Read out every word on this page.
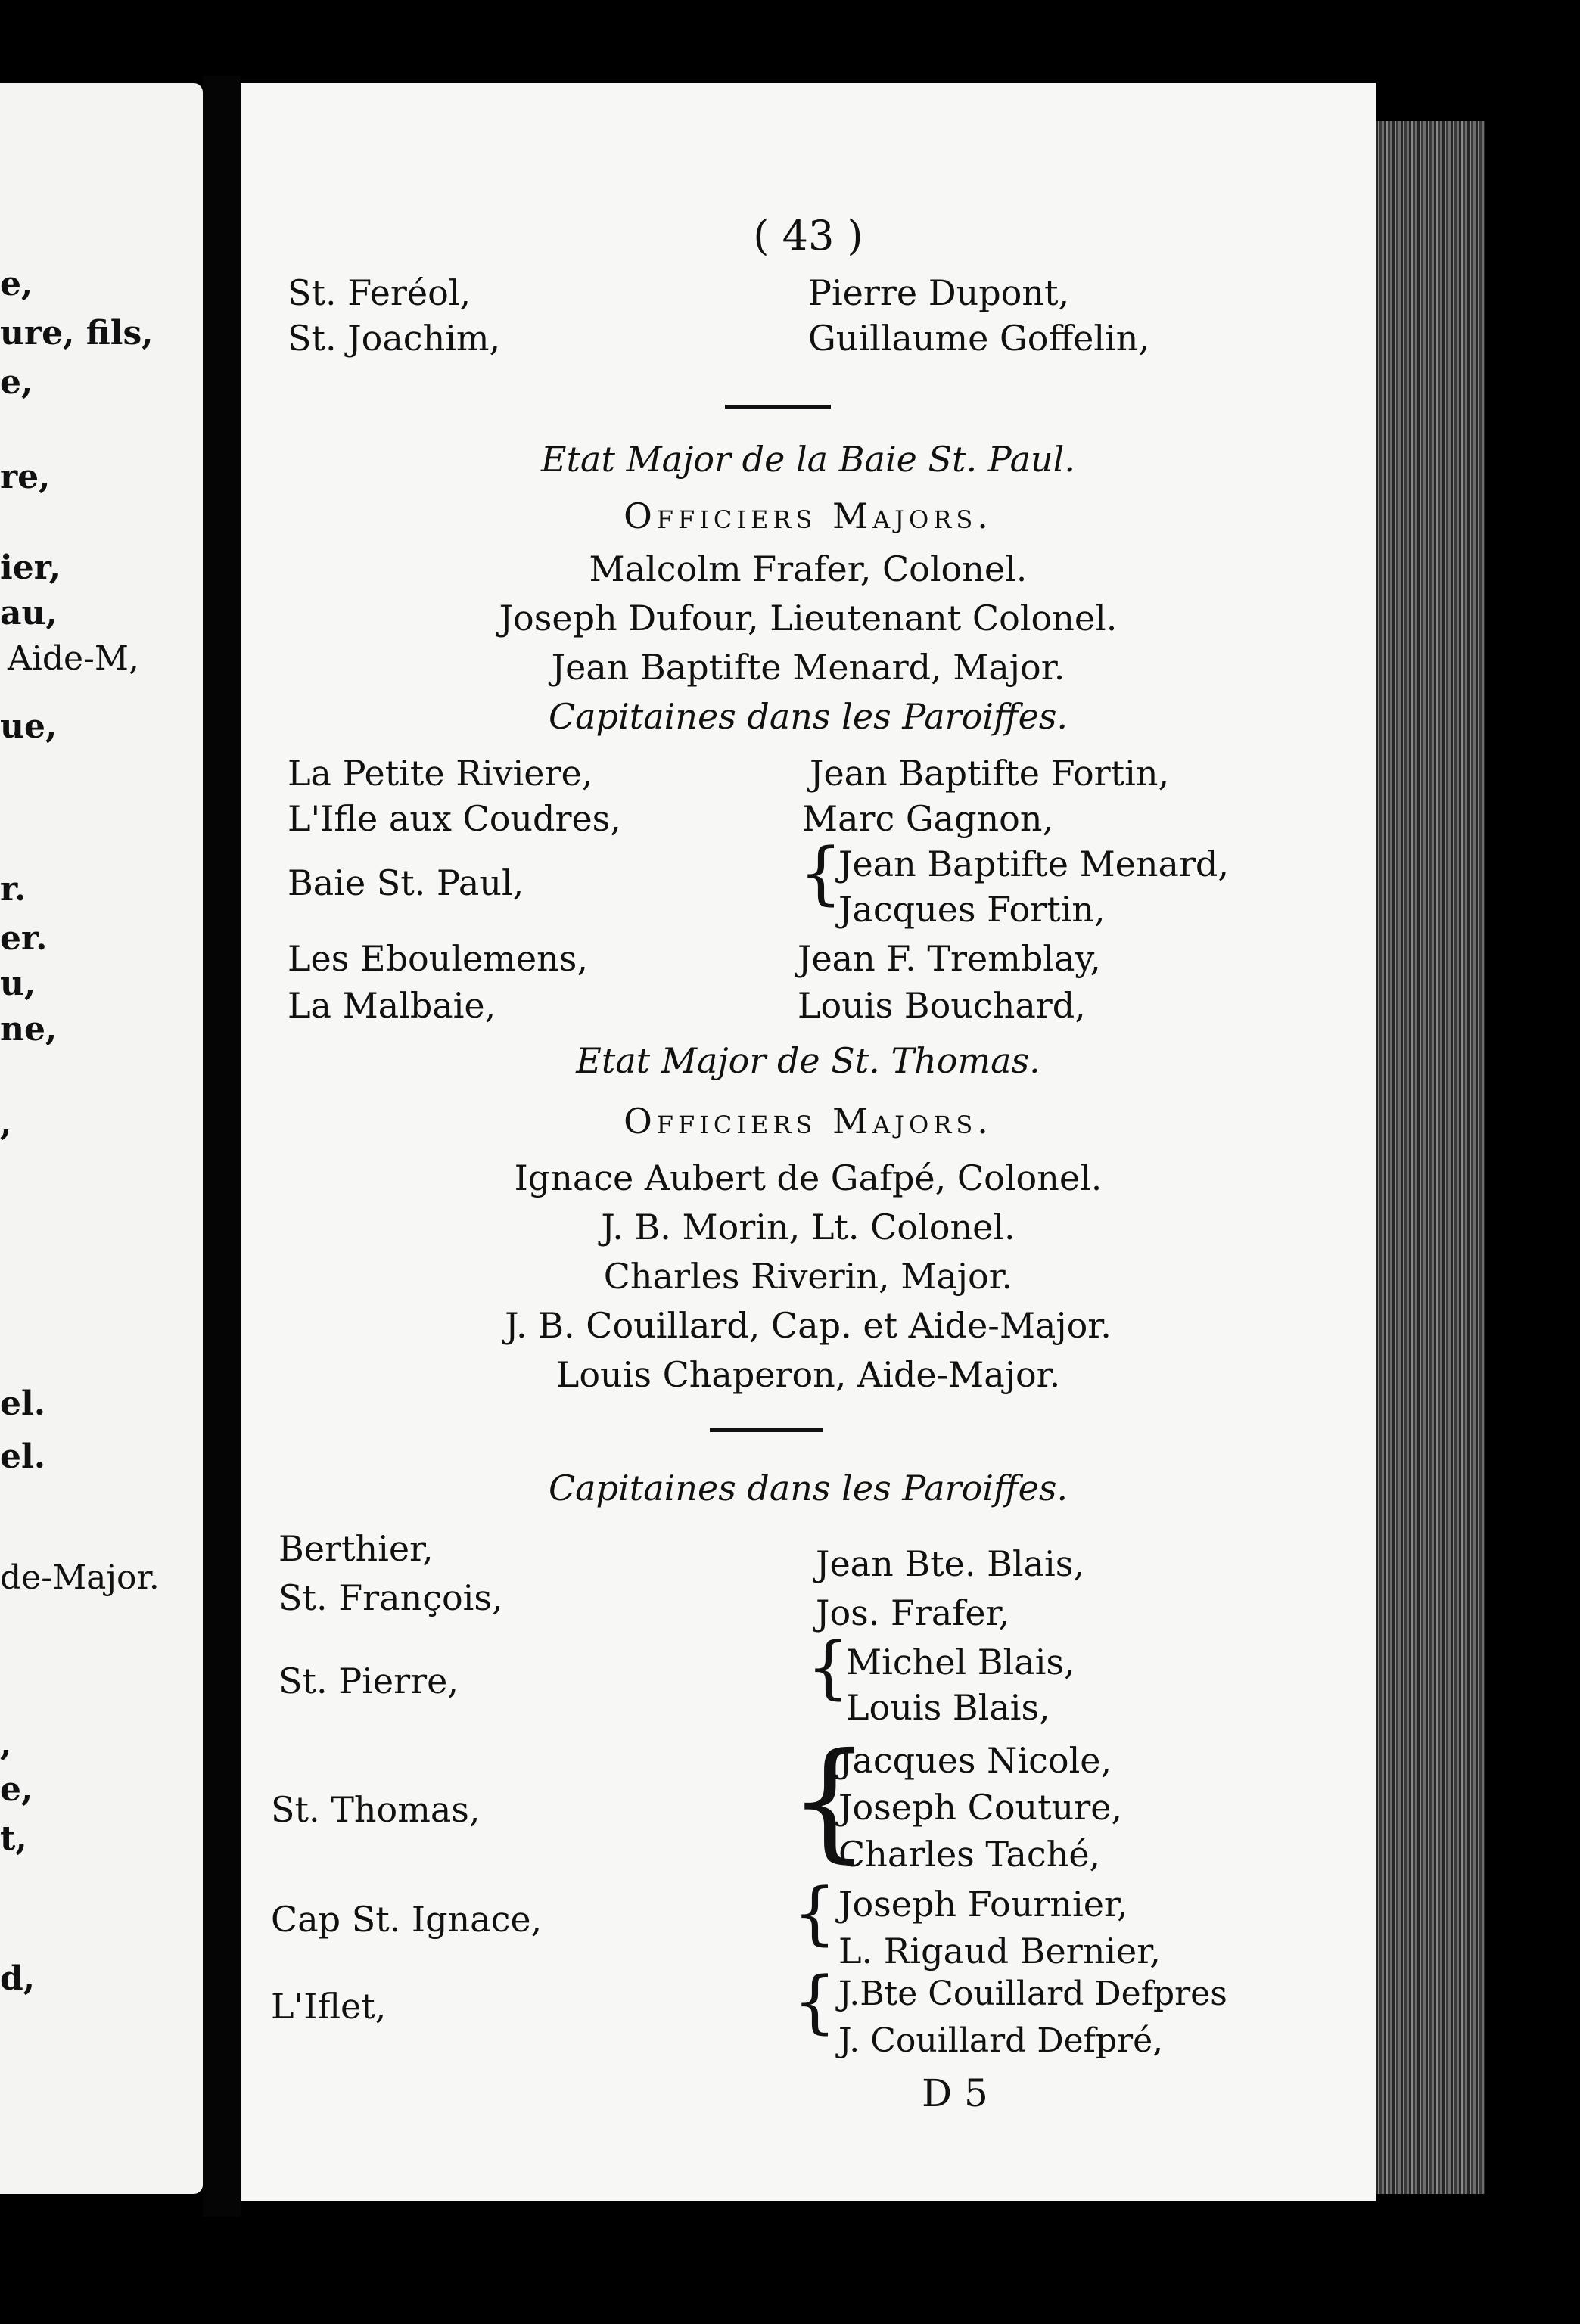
e,
ure, fils,
e,
re,
ier,
au,
Aide-M,
ue,
r.
er.
u,
ne,
,
el.
el.
de-Major.
,
e,
t,
d,
( 43 )
St. Feréol,	Pierre Dupont,
St. Joachim,	Guillaume Goffelin,
Etat Major de la Baie St. Paul.
Officiers Majors.
Malcolm Frafer, Colonel.
Joseph Dufour, Lieutenant Colonel.
Jean Baptifte Menard, Major.
Capitaines dans les Paroiffes.
La Petite Riviere,	Jean Baptifte Fortin,
L'Ifle aux Coudres,	Marc Gagnon,
Baie St. Paul,	{
Jean Baptifte Menard,
Jacques Fortin,
Les Eboulemens,	Jean F. Tremblay,
La Malbaie,	Louis Bouchard,
Etat Major de St. Thomas.
Officiers Majors.
Ignace Aubert de Gafpé, Colonel.
J. B. Morin, Lt. Colonel.
Charles Riverin, Major.
J. B. Couillard, Cap. et Aide-Major.
Louis Chaperon, Aide-Major.
Capitaines dans les Paroiffes.
Berthier,	Jean Bte. Blais,
St. François,	Jos. Frafer,
St. Pierre,	{
Michel Blais,
Louis Blais,
St. Thomas, {
Jacques Nicole,
Joseph Couture,
Charles Taché,
Cap St. Ignace,	{ Joseph Fournier,
L. Rigaud Bernier,
L'Iflet,	{ J.Bte Couillard Defpres
J. Couillard Defpré,
D 5
